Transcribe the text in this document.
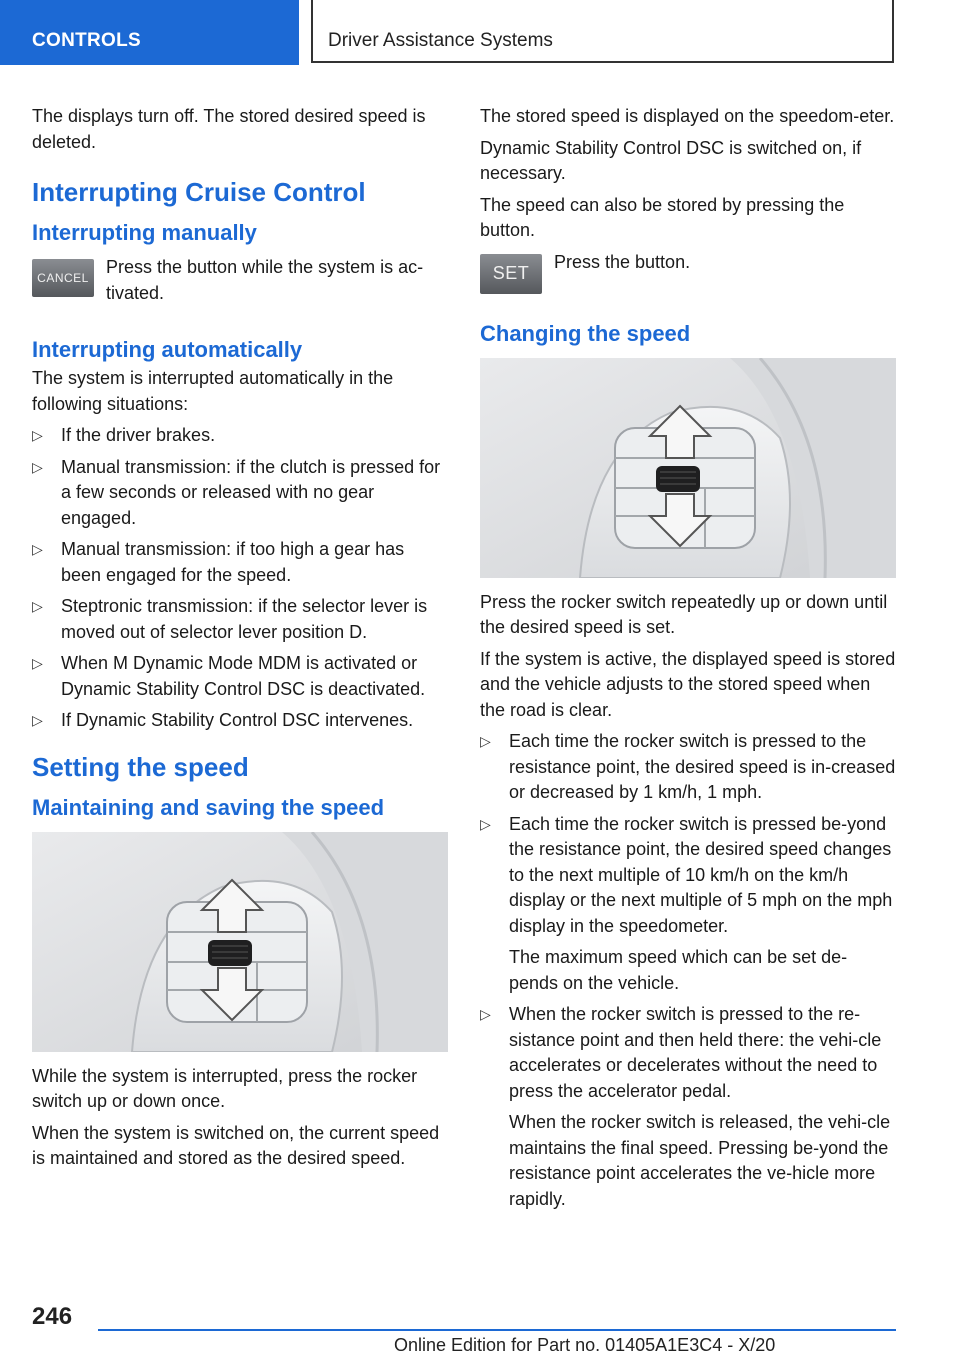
CONTROLS	Driver Assistance Systems

The displays turn off. The stored desired speed is deleted.

Interrupting Cruise Control
Interrupting manually
CANCEL

Press the button while the system is ac‐tivated.

Interrupting automatically

The system is interrupted automatically in the following situations:

▷ If the driver brakes.
▷ Manual transmission: if the clutch is pressed for a few seconds or released with no gear engaged.
▷ Manual transmission: if too high a gear has been engaged for the speed.
▷ Steptronic transmission: if the selector lever is moved out of selector lever position D.
▷ When M Dynamic Mode MDM is activated or Dynamic Stability Control DSC is deactivated.
▷ If Dynamic Stability Control DSC intervenes.
Setting the speed
Maintaining and saving the speed

While the system is interrupted, press the rocker switch up or down once.

When the system is switched on, the current speed is maintained and stored as the desired speed.

The stored speed is displayed on the speedom‐eter.

Dynamic Stability Control DSC is switched on, if necessary.

The speed can also be stored by pressing the button.

SET

Press the button.

Changing the speed

Press the rocker switch repeatedly up or down until the desired speed is set.

If the system is active, the displayed speed is stored and the vehicle adjusts to the stored speed when the road is clear.

▷ Each time the rocker switch is pressed to the resistance point, the desired speed is in‐creased or decreased by 1 km/h, 1 mph.
▷ Each time the rocker switch is pressed be‐yond the resistance point, the desired speed changes to the next multiple of 10 km/h on the km/h display or the next multiple of 5 mph on the mph display in the speedometer.
The maximum speed which can be set de‐pends on the vehicle.
▷ When the rocker switch is pressed to the re‐sistance point and then held there: the vehi‐cle accelerates or decelerates without the need to press the accelerator pedal.
When the rocker switch is released, the vehi‐cle maintains the final speed. Pressing be‐yond the resistance point accelerates the ve‐hicle more rapidly.
246
Online Edition for Part no. 01405A1E3C4 - X/20
